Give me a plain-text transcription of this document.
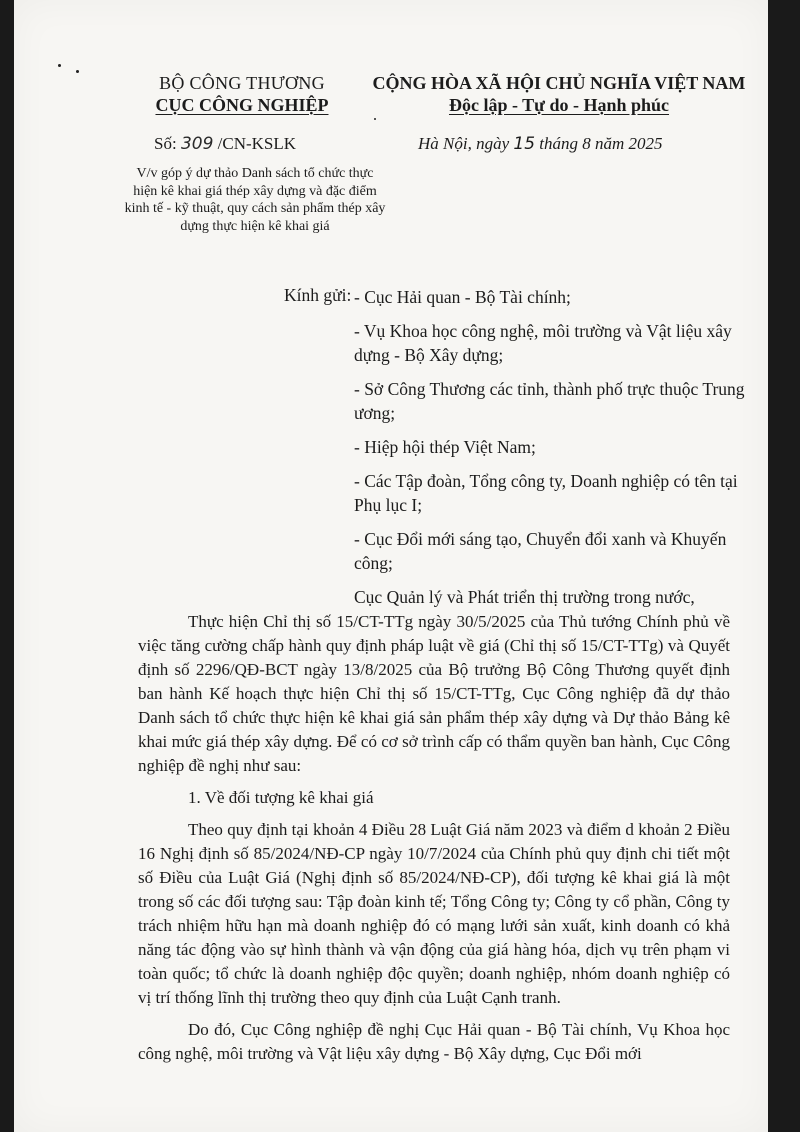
BỘ CÔNG THƯƠNG
CỤC CÔNG NGHIỆP
CỘNG HÒA XÃ HỘI CHỦ NGHĨA VIỆT NAM
Độc lập - Tự do - Hạnh phúc
Số: 309 /CN-KSLK	Hà Nội, ngày 15 tháng 8 năm 2025
V/v góp ý dự thảo Danh sách tổ chức thực hiện kê khai giá thép xây dựng và đặc điểm kinh tế - kỹ thuật, quy cách sản phẩm thép xây dựng thực hiện kê khai giá
Kính gửi: - Cục Hải quan - Bộ Tài chính;
- Vụ Khoa học công nghệ, môi trường và Vật liệu xây dựng - Bộ Xây dựng;
- Sở Công Thương các tỉnh, thành phố trực thuộc Trung ương;
- Hiệp hội thép Việt Nam;
- Các Tập đoàn, Tổng công ty, Doanh nghiệp có tên tại Phụ lục I;
- Cục Đổi mới sáng tạo, Chuyển đổi xanh và Khuyến công;
Cục Quản lý và Phát triển thị trường trong nước,

Thực hiện Chỉ thị số 15/CT-TTg ngày 30/5/2025 của Thủ tướng Chính phủ về việc tăng cường chấp hành quy định pháp luật về giá (Chỉ thị số 15/CT-TTg) và Quyết định số 2296/QĐ-BCT ngày 13/8/2025 của Bộ trưởng Bộ Công Thương quyết định ban hành Kế hoạch thực hiện Chỉ thị số 15/CT-TTg, Cục Công nghiệp đã dự thảo Danh sách tổ chức thực hiện kê khai giá sản phẩm thép xây dựng và Dự thảo Bảng kê khai mức giá thép xây dựng. Để có cơ sở trình cấp có thẩm quyền ban hành, Cục Công nghiệp đề nghị như sau:

1. Về đối tượng kê khai giá

Theo quy định tại khoản 4 Điều 28 Luật Giá năm 2023 và điểm d khoản 2 Điều 16 Nghị định số 85/2024/NĐ-CP ngày 10/7/2024 của Chính phủ quy định chi tiết một số Điều của Luật Giá (Nghị định số 85/2024/NĐ-CP), đối tượng kê khai giá là một trong số các đối tượng sau: Tập đoàn kinh tế; Tổng Công ty; Công ty cổ phần, Công ty trách nhiệm hữu hạn mà doanh nghiệp đó có mạng lưới sản xuất, kinh doanh có khả năng tác động vào sự hình thành và vận động của giá hàng hóa, dịch vụ trên phạm vi toàn quốc; tổ chức là doanh nghiệp độc quyền; doanh nghiệp, nhóm doanh nghiệp có vị trí thống lĩnh thị trường theo quy định của Luật Cạnh tranh.

Do đó, Cục Công nghiệp đề nghị Cục Hải quan - Bộ Tài chính, Vụ Khoa học công nghệ, môi trường và Vật liệu xây dựng - Bộ Xây dựng, Cục Đổi mới
